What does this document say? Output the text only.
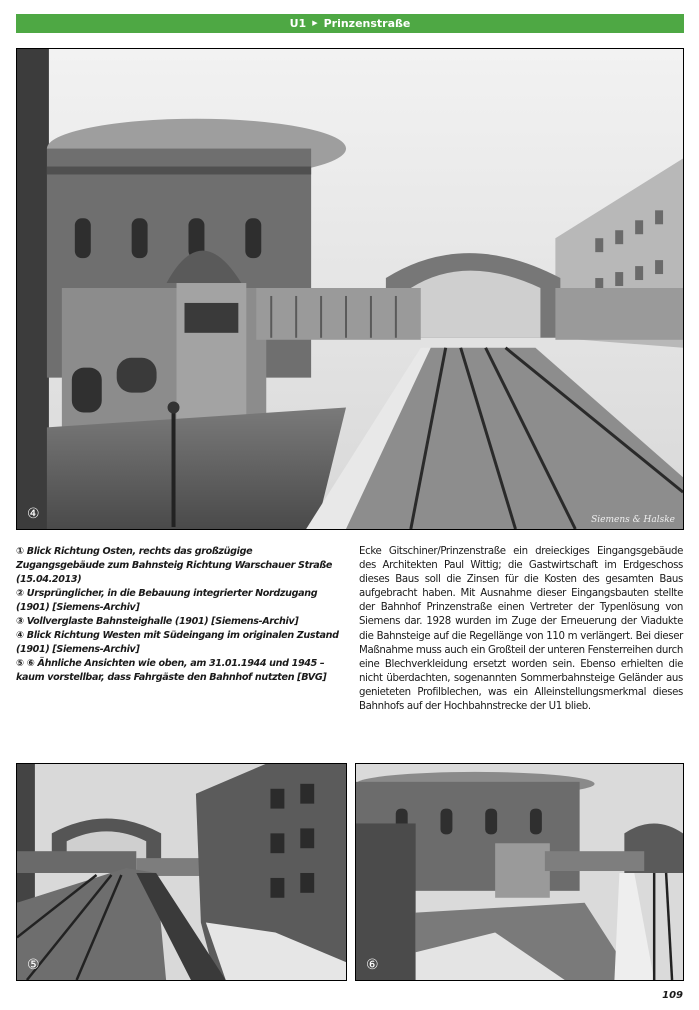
U1 ▶ Prinzenstraße
④	Siemens & Halske

① Blick Richtung Osten, rechts das großzügige Zugangsgebäude zum Bahnsteig Richtung Warschauer Straße (15.04.2013)

② Ursprünglicher, in die Bebauung integrierter Nordzugang (1901) [Siemens-Archiv]

③ Vollverglaste Bahnsteighalle (1901) [Siemens-Archiv]

④ Blick Richtung Westen mit Südeingang im originalen Zustand (1901) [Siemens-Archiv]

⑤ ⑥ Ähnliche Ansichten wie oben, am 31.01.1944 und 1945 – kaum vorstellbar, dass Fahrgäste den Bahnhof nutzten [BVG]

Ecke Gitschiner/Prinzenstraße ein dreieckiges Eingangsgebäude des Architekten Paul Wittig; die Gastwirtschaft im Erdgeschoss dieses Baus soll die Zinsen für die Kosten des gesamten Baus aufgebracht haben. Mit Ausnahme dieser Eingangsbauten stellte der Bahnhof Prinzenstraße einen Vertreter der Typenlösung von Siemens dar. 1928 wurden im Zuge der Erneuerung der Viadukte die Bahnsteige auf die Regellänge von 110 m verlängert. Bei dieser Maßnahme muss auch ein Großteil der unteren Fensterreihen durch eine Blechverkleidung ersetzt worden sein. Ebenso erhielten die nicht überdachten, sogenannten Sommerbahnsteige Geländer aus genieteten Profilblechen, was ein Alleinstellungsmerkmal dieses Bahnhofs auf der Hochbahnstrecke der U1 blieb.
⑤	⑥
109
